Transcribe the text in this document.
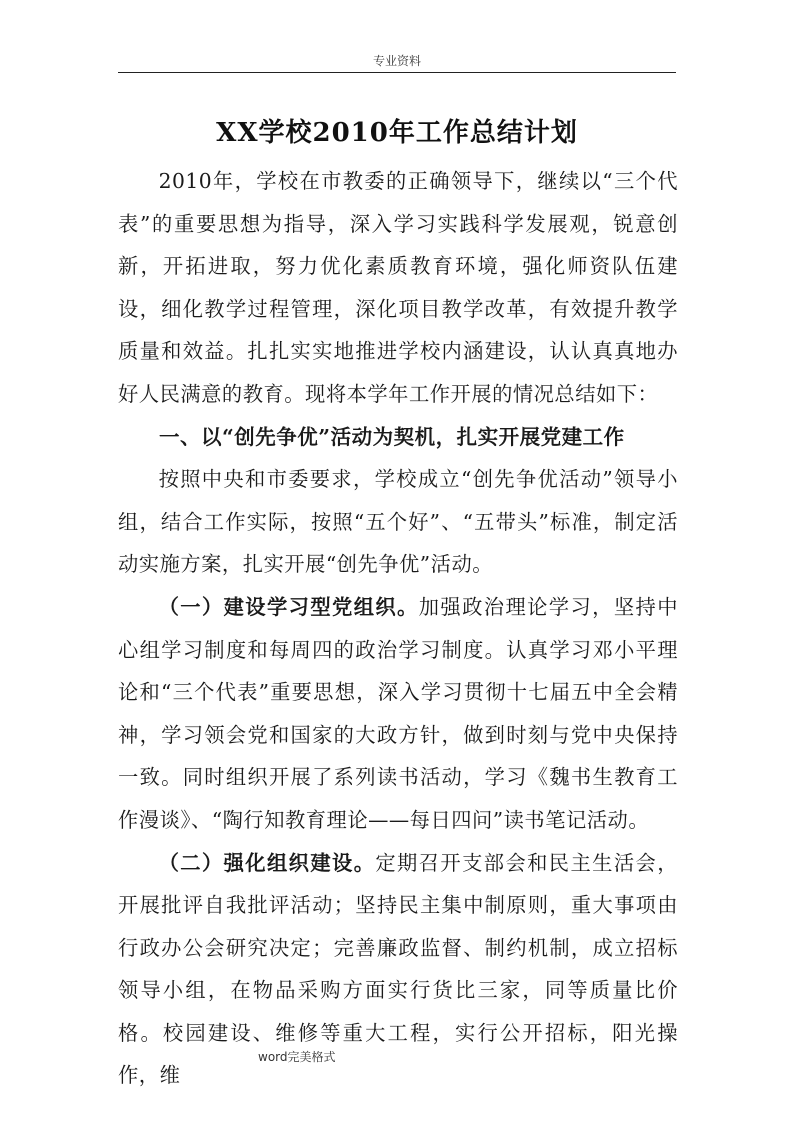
专业资料
XX学校2010年工作总结计划

2010年，学校在市教委的正确领导下，继续以“三个代表”的重要思想为指导，深入学习实践科学发展观，锐意创新，开拓进取，努力优化素质教育环境，强化师资队伍建设，细化教学过程管理，深化项目教学改革，有效提升教学质量和效益。扎扎实实地推进学校内涵建设，认认真真地办好人民满意的教育。现将本学年工作开展的情况总结如下：

一、以“创先争优”活动为契机，扎实开展党建工作

按照中央和市委要求，学校成立“创先争优活动”领导小组，结合工作实际，按照“五个好”、“五带头”标准，制定活动实施方案，扎实开展“创先争优”活动。

（一）建设学习型党组织。加强政治理论学习，坚持中心组学习制度和每周四的政治学习制度。认真学习邓小平理论和“三个代表”重要思想，深入学习贯彻十七届五中全会精神，学习领会党和国家的大政方针，做到时刻与党中央保持一致。同时组织开展了系列读书活动，学习《魏书生教育工作漫谈》、“陶行知教育理论——每日四问”读书笔记活动。

（二）强化组织建设。定期召开支部会和民主生活会，开展批评自我批评活动；坚持民主集中制原则，重大事项由行政办公会研究决定；完善廉政监督、制约机制，成立招标领导小组，在物品采购方面实行货比三家，同等质量比价格。校园建设、维修等重大工程，实行公开招标，阳光操作，维

word完美格式
